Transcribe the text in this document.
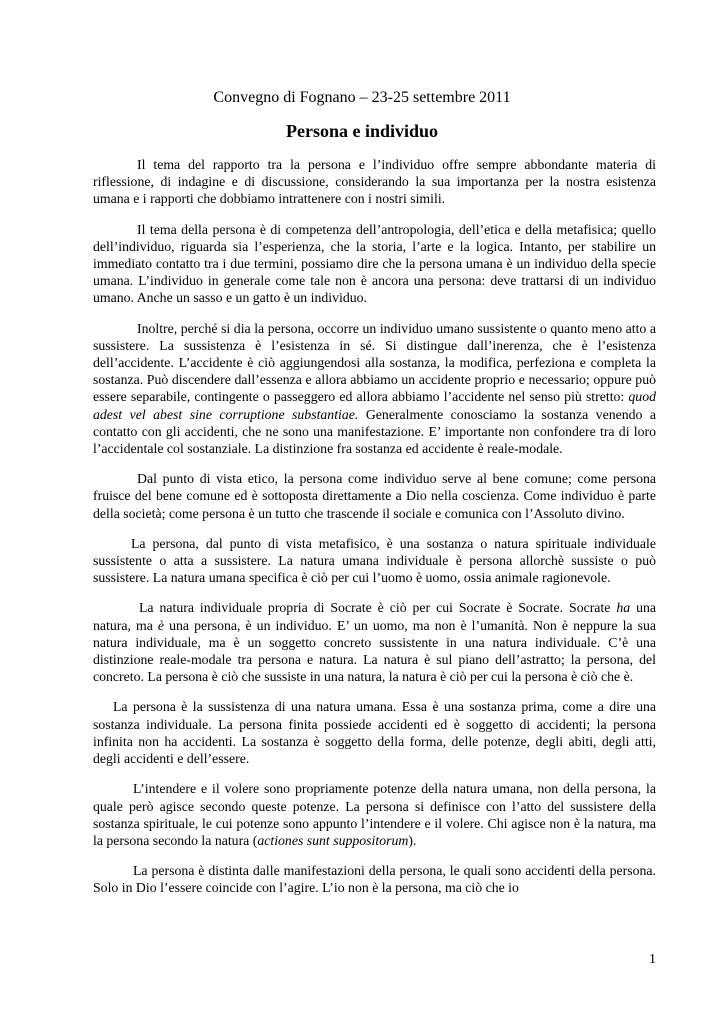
Convegno di Fognano – 23-25 settembre 2011
Persona e individuo

Il tema del rapporto tra la persona e l’individuo offre sempre abbondante materia di riflessione, di indagine e di discussione, considerando la sua importanza per la nostra esistenza umana e i rapporti che dobbiamo intrattenere con i nostri simili.

Il tema della persona è di competenza dell’antropologia, dell’etica e della metafisica; quello dell’individuo, riguarda sia l’esperienza, che la storia, l’arte e la logica. Intanto, per stabilire un immediato contatto tra i due termini, possiamo dire che la persona umana è un individuo della specie umana. L’individuo in generale come tale non è ancora una persona: deve trattarsi di un individuo umano. Anche un sasso e un gatto è un individuo.

Inoltre, perché si dia la persona, occorre un individuo umano sussistente o quanto meno atto a sussistere. La sussistenza è l’esistenza in sé. Si distingue dall’inerenza, che è l’esistenza dell’accidente. L’accidente è ciò aggiungendosi alla sostanza, la modifica, perfeziona e completa la sostanza. Può discendere dall’essenza e allora abbiamo un accidente proprio e necessario; oppure può essere separabile, contingente o passeggero ed allora abbiamo l’accidente nel senso più stretto: quod adest vel abest sine corruptione substantiae. Generalmente conosciamo la sostanza venendo a contatto con gli accidenti, che ne sono una manifestazione. E’ importante non confondere tra di loro l’accidentale col sostanziale. La distinzione fra sostanza ed accidente è reale-modale.

Dal punto di vista etico, la persona come individuo serve al bene comune; come persona fruisce del bene comune ed è sottoposta direttamente a Dio nella coscienza. Come individuo è parte della società; come persona è un tutto che trascende il sociale e comunica con l’Assoluto divino.

La persona, dal punto di vista metafisico, è una sostanza o natura spirituale individuale sussistente o atta a sussistere. La natura umana individuale è persona allorchè sussiste o può sussistere. La natura umana specifica è ciò per cui l’uomo è uomo, ossia animale ragionevole.

La natura individuale propria di Socrate è ciò per cui Socrate è Socrate. Socrate ha una natura, ma è una persona, è un individuo. E’ un uomo, ma non è l’umanità. Non è neppure la sua natura individuale, ma è un soggetto concreto sussistente in una natura individuale. C’è una distinzione reale-modale tra persona e natura. La natura è sul piano dell’astratto; la persona, del concreto. La persona è ciò che sussiste in una natura, la natura è ciò per cui la persona è ciò che è.

La persona è la sussistenza di una natura umana. Essa è una sostanza prima, come a dire una sostanza individuale. La persona finita possiede accidenti ed è soggetto di accidenti; la persona infinita non ha accidenti. La sostanza è soggetto della forma, delle potenze, degli abiti, degli atti, degli accidenti e dell’essere.

L’intendere e il volere sono propriamente potenze della natura umana, non della persona, la quale però agisce secondo queste potenze. La persona si definisce con l’atto del sussistere della sostanza spirituale, le cui potenze sono appunto l’intendere e il volere. Chi agisce non è la natura, ma la persona secondo la natura (actiones sunt suppositorum).

La persona è distinta dalle manifestazioni della persona, le quali sono accidenti della persona. Solo in Dio l’essere coincide con l’agire. L’io non è la persona, ma ciò che io

1
